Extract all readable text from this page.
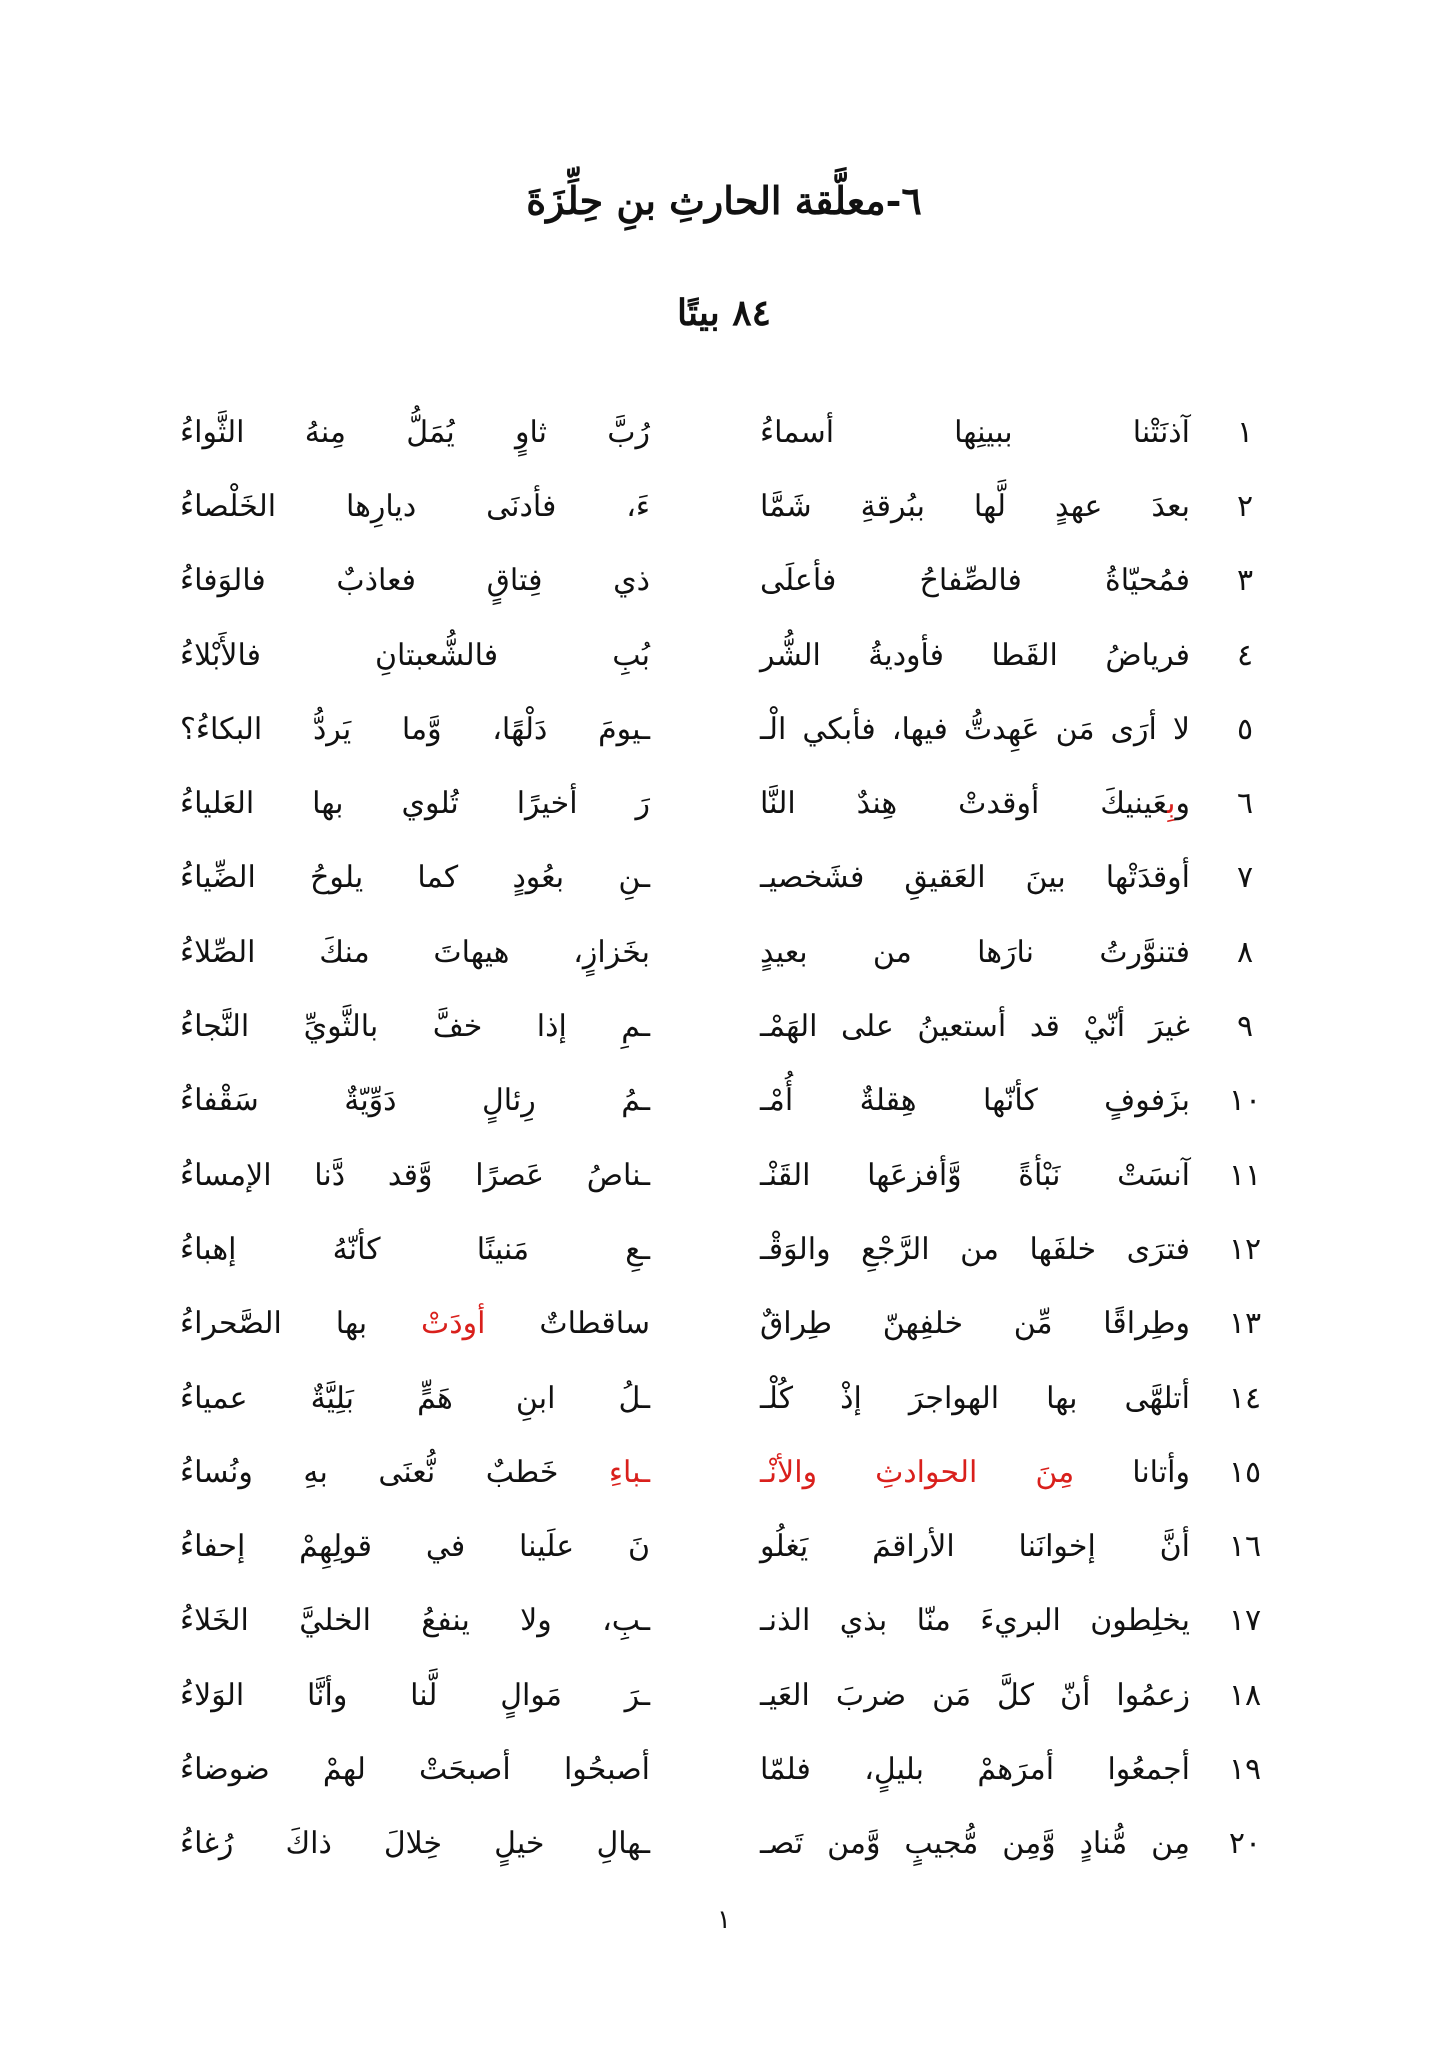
٦-معلَّقة الحارثِ بنِ حِلِّزَةَ
٨٤ بيتًا
١
آذنَتْنا
ببينِها
أسماءُ
رُبَّ
ثاوٍ
يُمَلُّ
مِنهُ
الثَّواءُ
٢
بعدَ
عهدٍ
لَّها
ببُرقةِ
شَمَّا
ءَ،
فأدنَى
ديارِها
الخَلْصاءُ
٣
فمُحيّاةُ
فالصِّفاحُ
فأعلَى
ذي
فِتاقٍ
فعاذبٌ
فالوَفاءُ
٤
فرياضُ
القَطا
فأوديةُ
الشُّر
بُبِ
فالشُّعبتانِ
فالأَبْلاءُ
٥
لا
أرَى
مَن
عَهِدتُّ
فيها،
فأبكي
الْـ
ـيومَ
دَلْهًا،
وَّما
يَردُّ
البكاءُ؟
٦
وبِعَينيكَ
أوقدتْ
هِندٌ
النَّا
رَ
أخيرًا
تُلوي
بها
العَلياءُ
٧
أوقدَتْها
بينَ
العَقيقِ
فشَخصيـ
ـنِ
بعُودٍ
كما
يلوحُ
الضِّياءُ
٨
فتنوَّرتُ
نارَها
من
بعيدٍ
بخَزازٍ،
هيهاتَ
منكَ
الصِّلاءُ
٩
غيرَ
أنّيْ
قد
أستعينُ
على
الهَمْـ
ـمِ
إذا
خفَّ
بالثَّويِّ
النَّجاءُ
١٠
بزَفوفٍ
كأنّها
هِقلةٌ
أُمْـ
ـمُ
رِئالٍ
دَوِّيّةٌ
سَقْفاءُ
١١
آنسَتْ
نَبْأةً
وَّأفزعَها
القَنْـ
ـناصُ
عَصرًا
وَّقد
دَّنا
الإمساءُ
١٢
فترَى
خلفَها
من
الرَّجْعِ
والوَقْـ
ـعِ
مَنينًا
كأنّهُ
إهباءُ
١٣
وطِراقًا
مِّن
خلفِهنّ
طِراقٌ
ساقطاتٌ
أودَتْ
بها
الصَّحراءُ
١٤
أتلهَّى
بها
الهواجرَ
إذْ
كُلْـ
ـلُ
ابنِ
هَمٍّ
بَلِيَّةٌ
عمياءُ
١٥
وأتانا
مِنَ
الحوادثِ
والأنْـ
ـباءِ
خَطبٌ
نُّعنَى
بهِ
ونُساءُ
١٦
أنَّ
إخوانَنا
الأراقمَ
يَغلُو
نَ
علَينا
في
قولِهِمْ
إحفاءُ
١٧
يخلِطون
البريءَ
منّا
بذي
الذنـ
ـبِ،
ولا
ينفعُ
الخليَّ
الخَلاءُ
١٨
زعمُوا
أنّ
كلَّ
مَن
ضربَ
العَيـ
ـرَ
مَوالٍ
لَّنا
وأنَّا
الوَلاءُ
١٩
أجمعُوا
أمرَهمْ
بليلٍ،
فلمّا
أصبحُوا
أصبحَتْ
لهمْ
ضوضاءُ
٢٠
مِن
مُّنادٍ
وَّمِن
مُّجيبٍ
وَّمن
تَصـ
ـهالِ
خيلٍ
خِلالَ
ذاكَ
رُغاءُ
١
